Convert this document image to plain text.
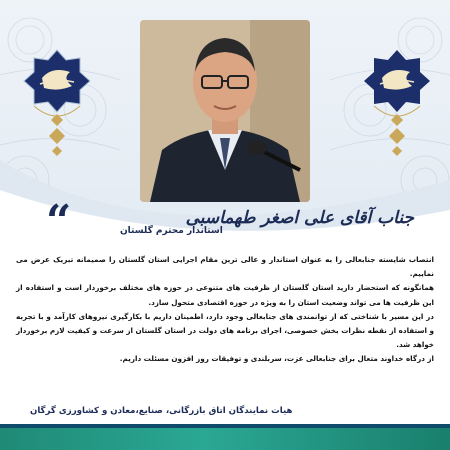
“	استاندار محترم گلستان
جناب آقای علی اصغر طهماسبی

انتصاب شایسته جنابعالی را به عنوان استاندار و عالی ترین مقام اجرایی استان گلستان را صمیمانه تبریک عرض می نماییم.

همانگونه که استحضار دارید استان گلستان از ظرفیت های متنوعی در حوزه های مختلف برخوردار است و استفاده از این ظرفیت ها می تواند وضعیت استان را به ویژه در حوزه اقتصادی متحول سازد.

در این مسیر با شناختی که از توانمندی های جنابعالی وجود دارد، اطمینان داریم با بکارگیری نیروهای کارآمد و با تجربه و استفاده از نقطه نظرات بخش خصوصی، اجرای برنامه های دولت در استان گلستان از سرعت و کیفیت لازم برخوردار خواهد شد.

از درگاه خداوند متعال برای جنابعالی عزت، سربلندی و توفیقات روز افزون مسئلت داریم.

هیات نمایندگان اتاق بازرگانی، صنایع،معادن و کشاورزی گرگان
